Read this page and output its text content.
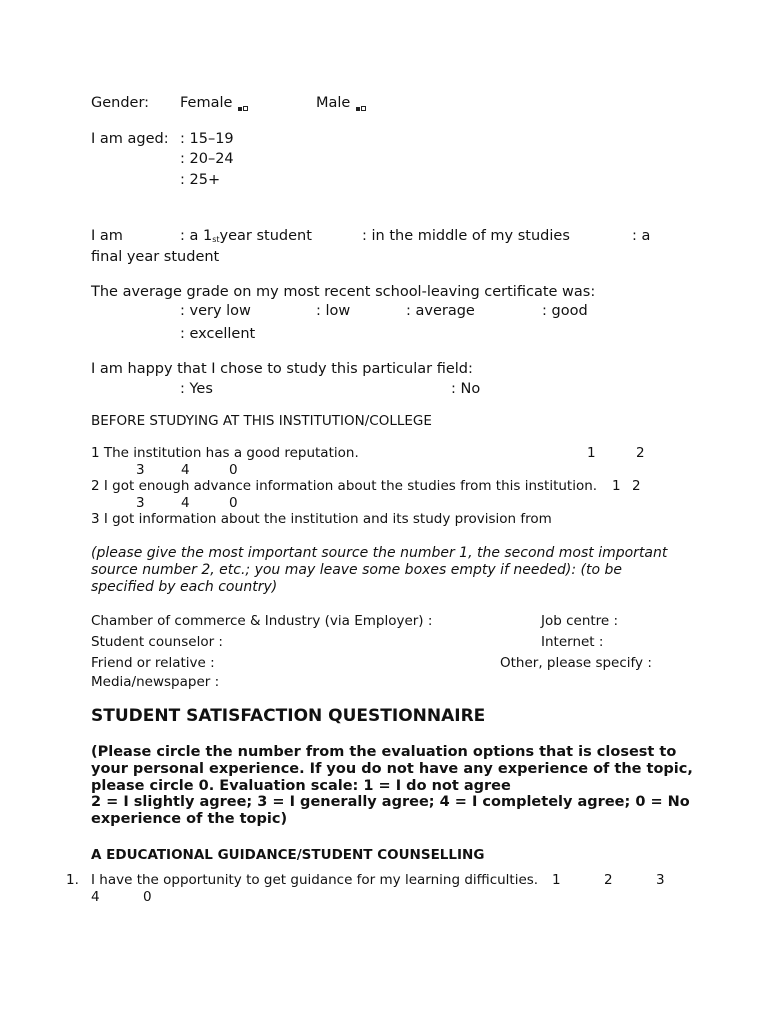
Gender: Female	Male
I am aged: : 15–19
: 20–24
: 25+
I am	: a $1_{st}year$ student	: in the middle of my studies	: a
final year student
The average grade on my most recent school-leaving certificate was:
: very low	: low	: average	: good
: excellent
I am happy that I chose to study this particular field:
: Yes	: No
BEFORE STUDYING AT THIS INSTITUTION/COLLEGE
1 The institution has a good reputation.	1	2
3	4	0
2 I got enough advance information about the studies from this institution. 1 2
3	4	0
3 I got information about the institution and its study provision from
(please give the most important source the number 1, the second most important
source number 2, etc.; you may leave some boxes empty if needed): (to be
specified by each country)
Chamber of commerce & Industry (via Employer) :	Job centre :
Student counselor :	Internet :
Friend or relative :	Other, please specify :
Media/newspaper :
STUDENT SATISFACTION QUESTIONNAIRE
(Please circle the number from the evaluation options that is closest to
your personal experience. If you do not have any experience of the topic,
please circle 0. Evaluation scale: 1 = I do not agree
2 = I slightly agree; 3 = I generally agree; 4 = I completely agree; 0 = No
experience of the topic)
A EDUCATIONAL GUIDANCE/STUDENT COUNSELLING
1. I have the opportunity to get guidance for my learning difficulties. 1	2	3
4	0
